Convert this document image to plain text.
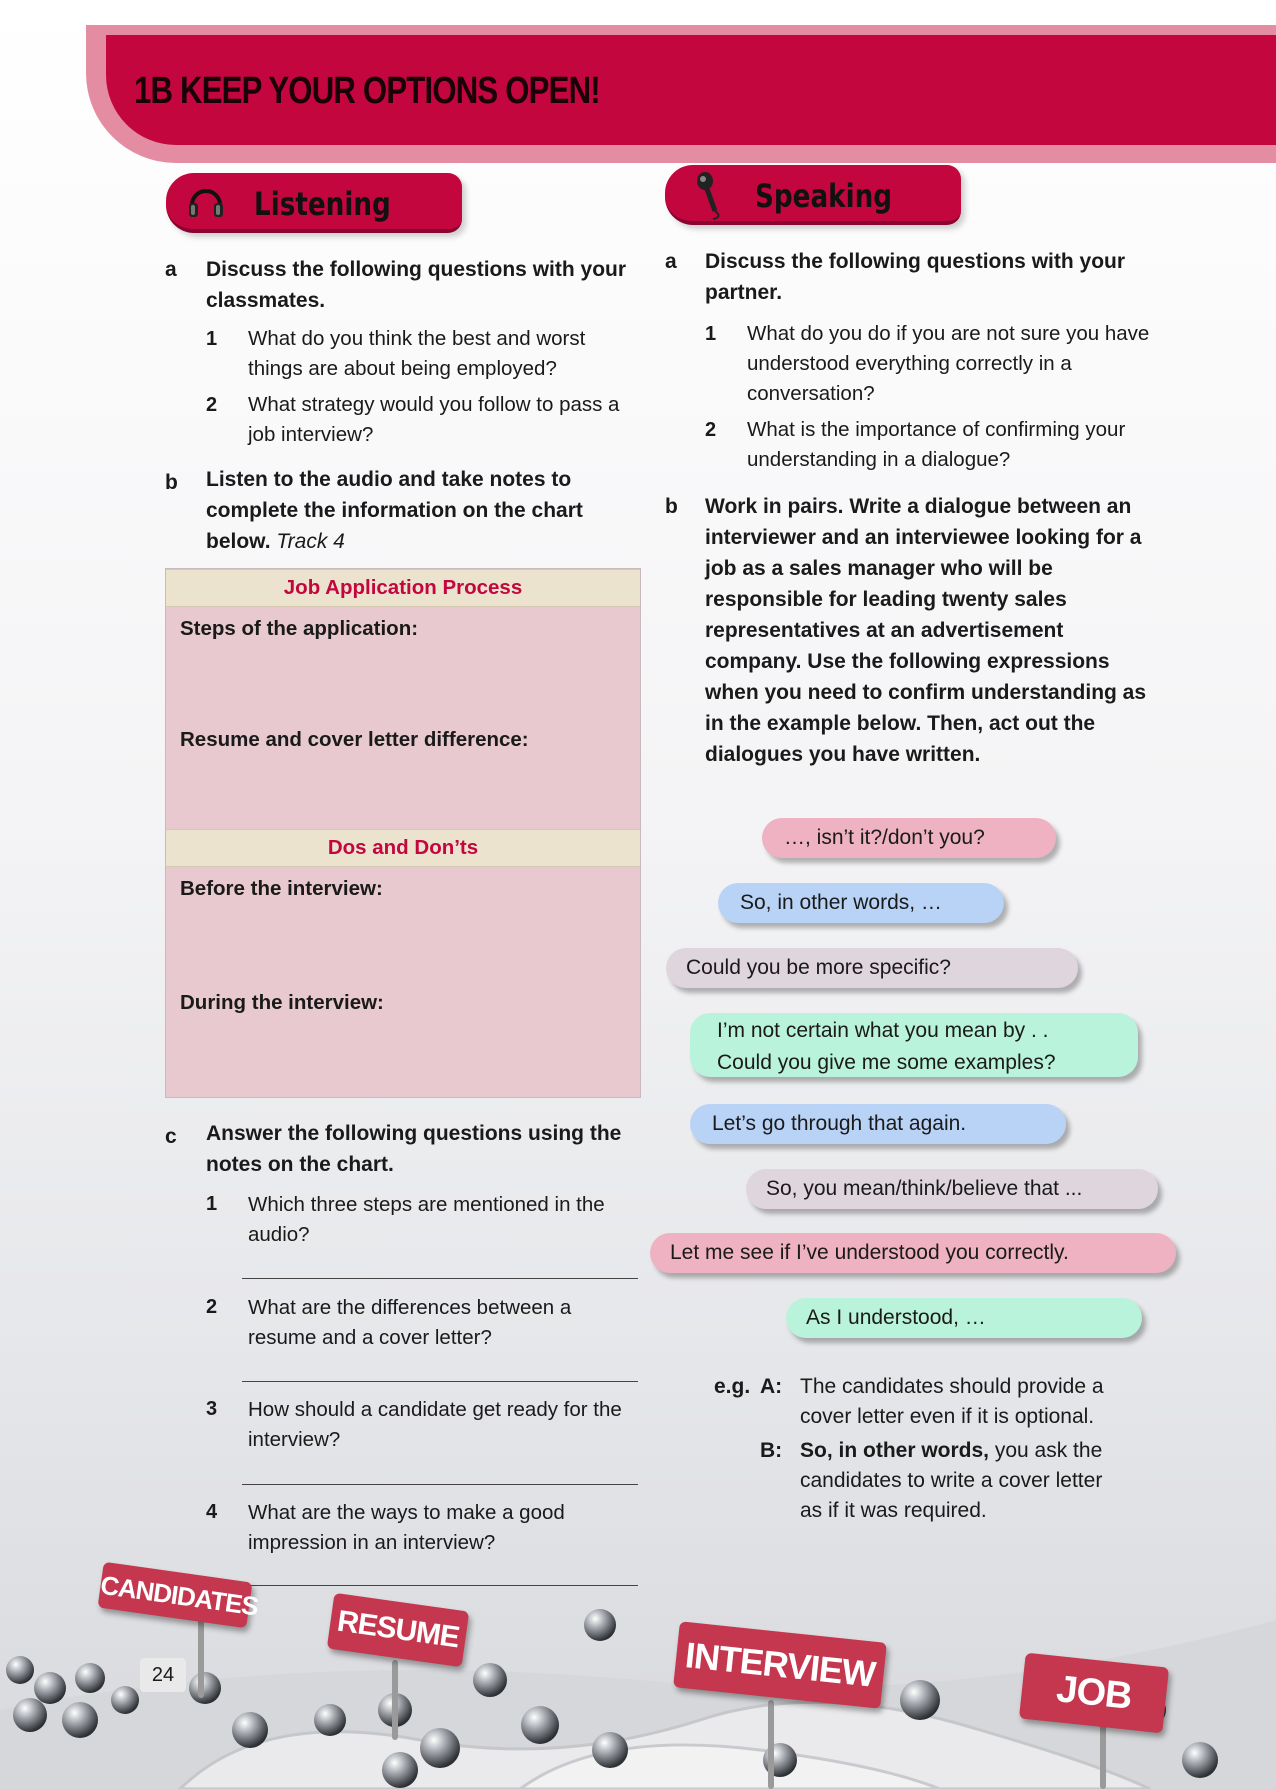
1B KEEP YOUR OPTIONS OPEN!
Listening	Speaking
a Discuss the following questions with your classmates.
1 What do you think the best and worst things are about being employed?
2 What strategy would you follow to pass a job interview?
b Listen to the audio and take notes to complete the information on the chart below. Track 4
Job Application Process
Steps of the application:
Resume and cover letter difference:
Dos and Don’ts
Before the interview:
During the interview:
c Answer the following questions using the notes on the chart.
1 Which three steps are mentioned in the audio?
2 What are the differences between a resume and a cover letter?
3 How should a candidate get ready for the interview?
4 What are the ways to make a good impression in an interview?
a Discuss the following questions with your partner.
1 What do you do if you are not sure you have understood everything correctly in a conversation?
2 What is the importance of confirming your understanding in a dialogue?
b Work in pairs. Write a dialogue between an interviewer and an interviewee looking for a job as a sales manager who will be responsible for leading twenty sales representatives at an advertisement company. Use the following expressions when you need to confirm understanding as in the example below. Then, act out the dialogues you have written.
…, isn’t it?/don’t you?
So, in other words, …
Could you be more specific?
I’m not certain what you mean by . .
Could you give me some examples?
Let’s go through that again.
So, you mean/think/believe that ...
Let me see if I’ve understood you correctly.
As I understood, …
e.g. A: The candidates should provide a
cover letter even if it is optional.
B: So, in other words, you ask the
candidates to write a cover letter
as if it was required.
CANDIDATES
RESUME
INTERVIEW	JOB
24
